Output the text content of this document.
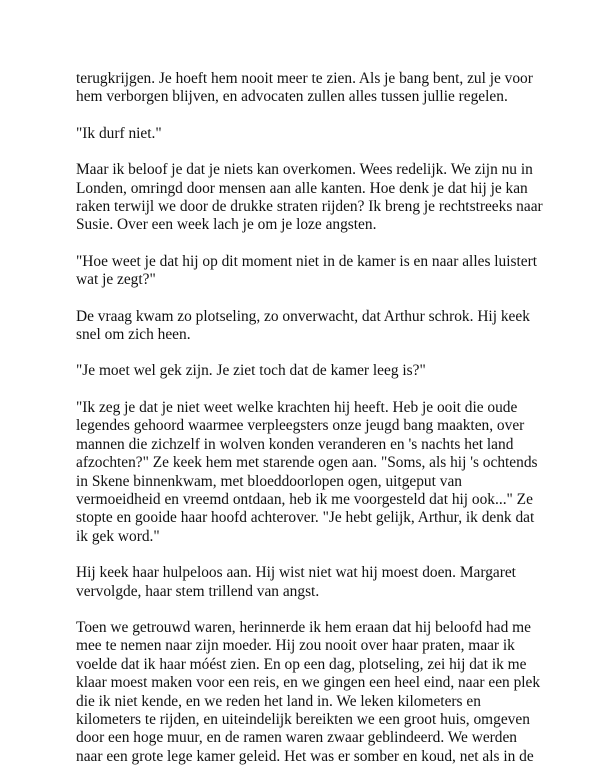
terugkrijgen. Je hoeft hem nooit meer te zien. Als je bang bent, zul je voor
hem verborgen blijven, en advocaten zullen alles tussen jullie regelen.

"Ik durf niet."

Maar ik beloof je dat je niets kan overkomen. Wees redelijk. We zijn nu in
Londen, omringd door mensen aan alle kanten. Hoe denk je dat hij je kan
raken terwijl we door de drukke straten rijden? Ik breng je rechtstreeks naar
Susie. Over een week lach je om je loze angsten.

"Hoe weet je dat hij op dit moment niet in de kamer is en naar alles luistert
wat je zegt?"

De vraag kwam zo plotseling, zo onverwacht, dat Arthur schrok. Hij keek
snel om zich heen.

"Je moet wel gek zijn. Je ziet toch dat de kamer leeg is?"

"Ik zeg je dat je niet weet welke krachten hij heeft. Heb je ooit die oude
legendes gehoord waarmee verpleegsters onze jeugd bang maakten, over
mannen die zichzelf in wolven konden veranderen en 's nachts het land
afzochten?" Ze keek hem met starende ogen aan. "Soms, als hij 's ochtends
in Skene binnenkwam, met bloeddoorlopen ogen, uitgeput van
vermoeidheid en vreemd ontdaan, heb ik me voorgesteld dat hij ook..." Ze
stopte en gooide haar hoofd achterover. "Je hebt gelijk, Arthur, ik denk dat
ik gek word."

Hij keek haar hulpeloos aan. Hij wist niet wat hij moest doen. Margaret
vervolgde, haar stem trillend van angst.

Toen we getrouwd waren, herinnerde ik hem eraan dat hij beloofd had me
mee te nemen naar zijn moeder. Hij zou nooit over haar praten, maar ik
voelde dat ik haar móést zien. En op een dag, plotseling, zei hij dat ik me
klaar moest maken voor een reis, en we gingen een heel eind, naar een plek
die ik niet kende, en we reden het land in. We leken kilometers en
kilometers te rijden, en uiteindelijk bereikten we een groot huis, omgeven
door een hoge muur, en de ramen waren zwaar geblindeerd. We werden
naar een grote lege kamer geleid. Het was er somber en koud, net als in de
